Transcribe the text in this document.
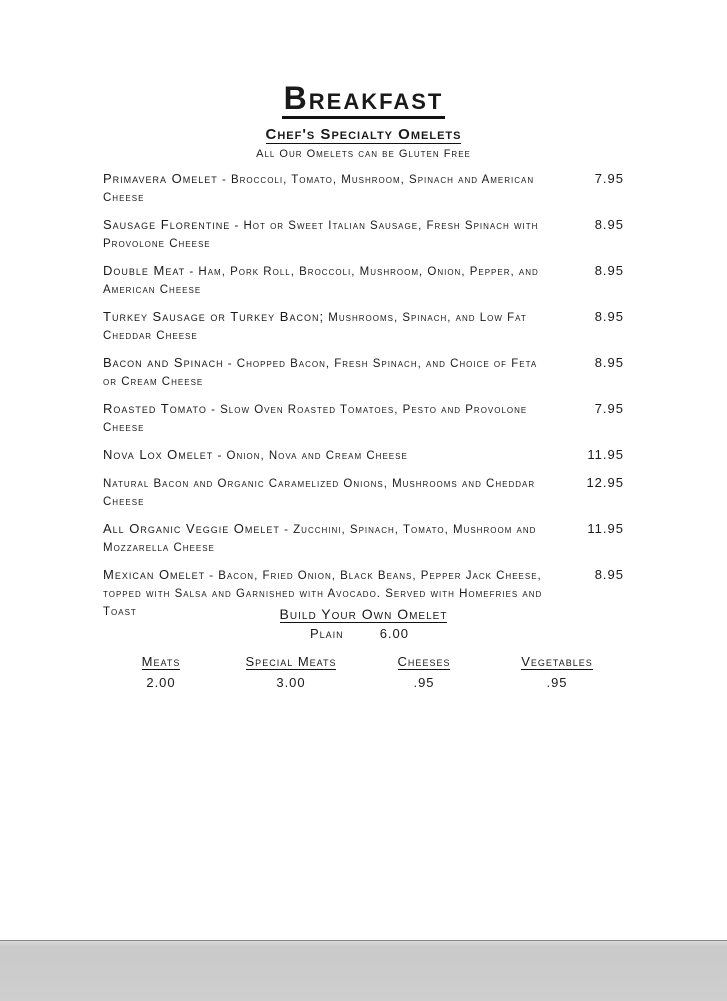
Breakfast
Chef's Specialty Omelets
All Our Omelets can be Gluten Free
Primavera Omelet - Broccoli, Tomato, Mushroom, Spinach and American Cheese
7.95
Sausage Florentine - Hot or Sweet Italian Sausage, Fresh Spinach with Provolone Cheese
8.95
Double Meat - Ham, Pork Roll, Broccoli, Mushroom, Onion, Pepper, and American Cheese
8.95
Turkey Sausage or Turkey Bacon; Mushrooms, Spinach, and Low Fat Cheddar Cheese
8.95
Bacon and Spinach - Chopped Bacon, Fresh Spinach, and Choice of Feta or Cream Cheese
8.95
Roasted Tomato - Slow Oven Roasted Tomatoes, Pesto and Provolone Cheese
7.95
Nova Lox Omelet - Onion, Nova and Cream Cheese	11.95
Natural Bacon and Organic Caramelized Onions, Mushrooms and Cheddar Cheese
12.95
All Organic Veggie Omelet - Zucchini, Spinach, Tomato, Mushroom and Mozzarella Cheese
11.95
Mexican Omelet - Bacon, Fried Onion, Black Beans, Pepper Jack Cheese, topped with Salsa and Garnished with Avocado. Served with Homefries and Toast
8.95
Build Your Own Omelet
Plain	6.00
Meats
2.00
Special Meats
3.00
Cheeses
.95
Vegetables
.95
